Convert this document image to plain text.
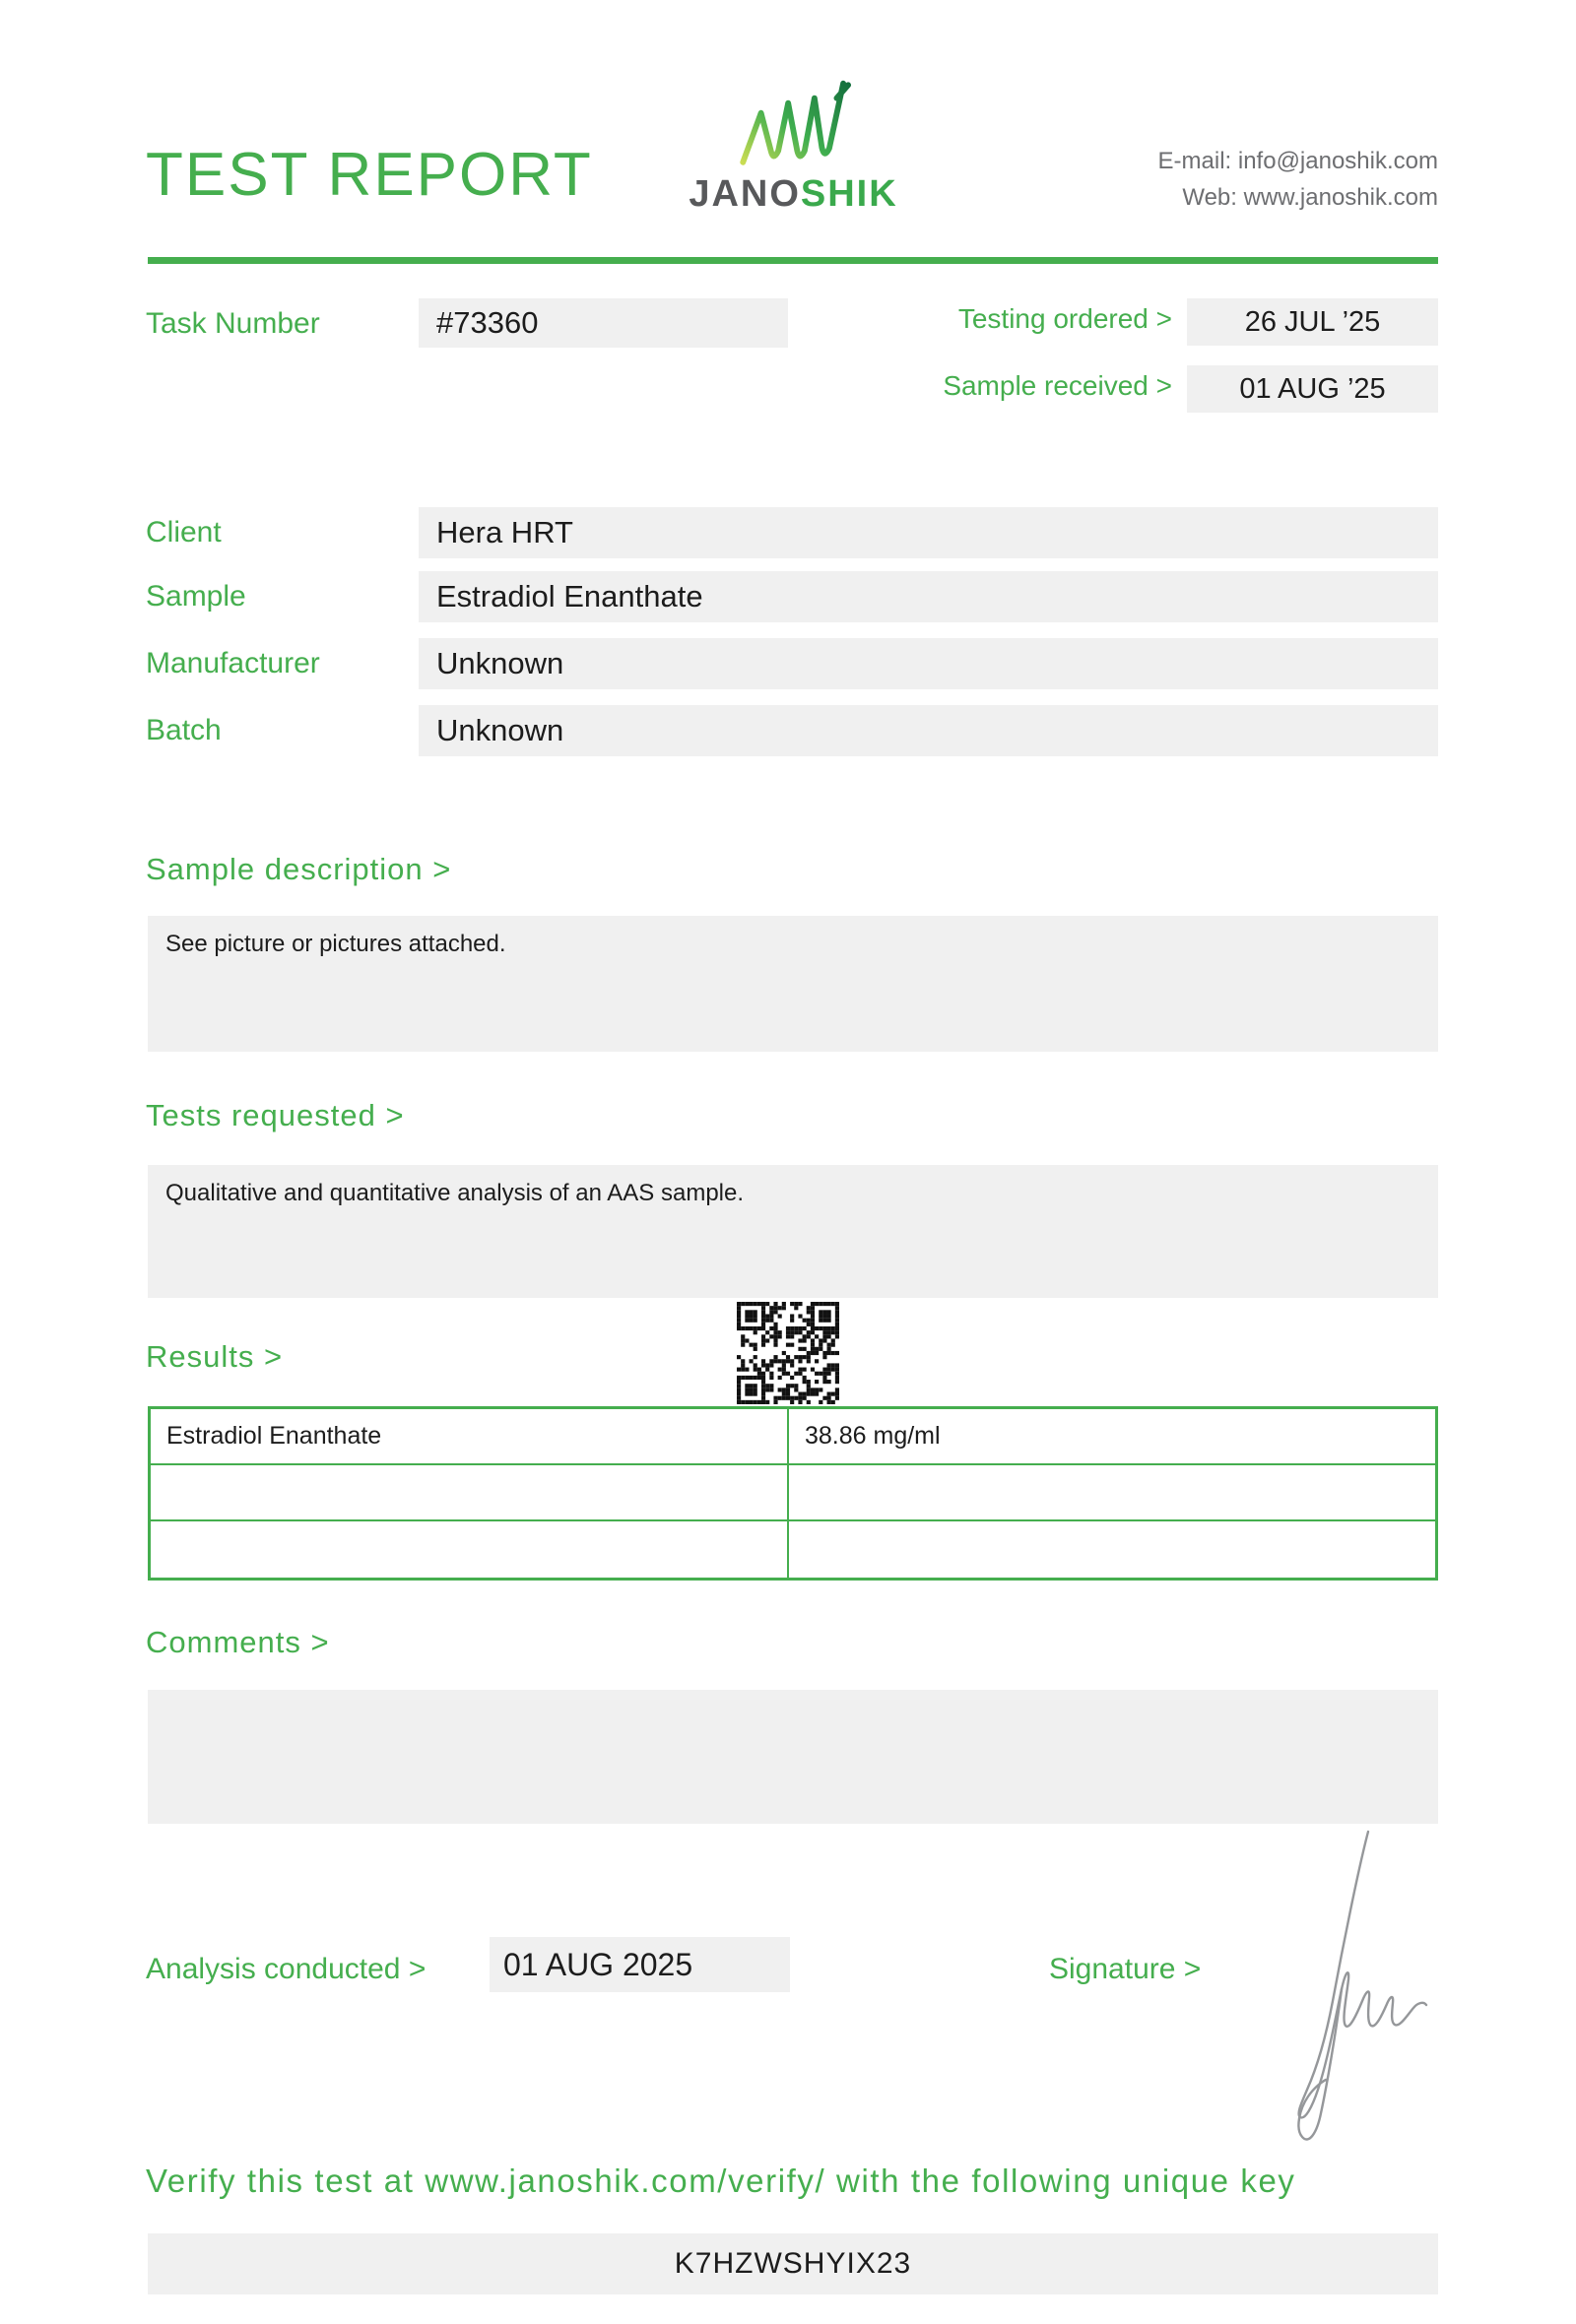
TEST REPORT	JANOSHIK
E-mail: info@janoshik.com
Web: www.janoshik.com
Task Number	#73360	Testing ordered >	26 JUL ’25
Sample received >	01 AUG ’25
Client	Hera HRT
Sample	Estradiol Enanthate
Manufacturer	Unknown
Batch	Unknown
Sample description >
See picture or pictures attached.
Tests requested >
Qualitative and quantitative analysis of an AAS sample.
Results >
Estradiol Enanthate	38.86 mg/ml
Comments >
Analysis conducted >	01 AUG 2025	Signature >
Verify this test at www.janoshik.com/verify/ with the following unique key
K7HZWSHYIX23
